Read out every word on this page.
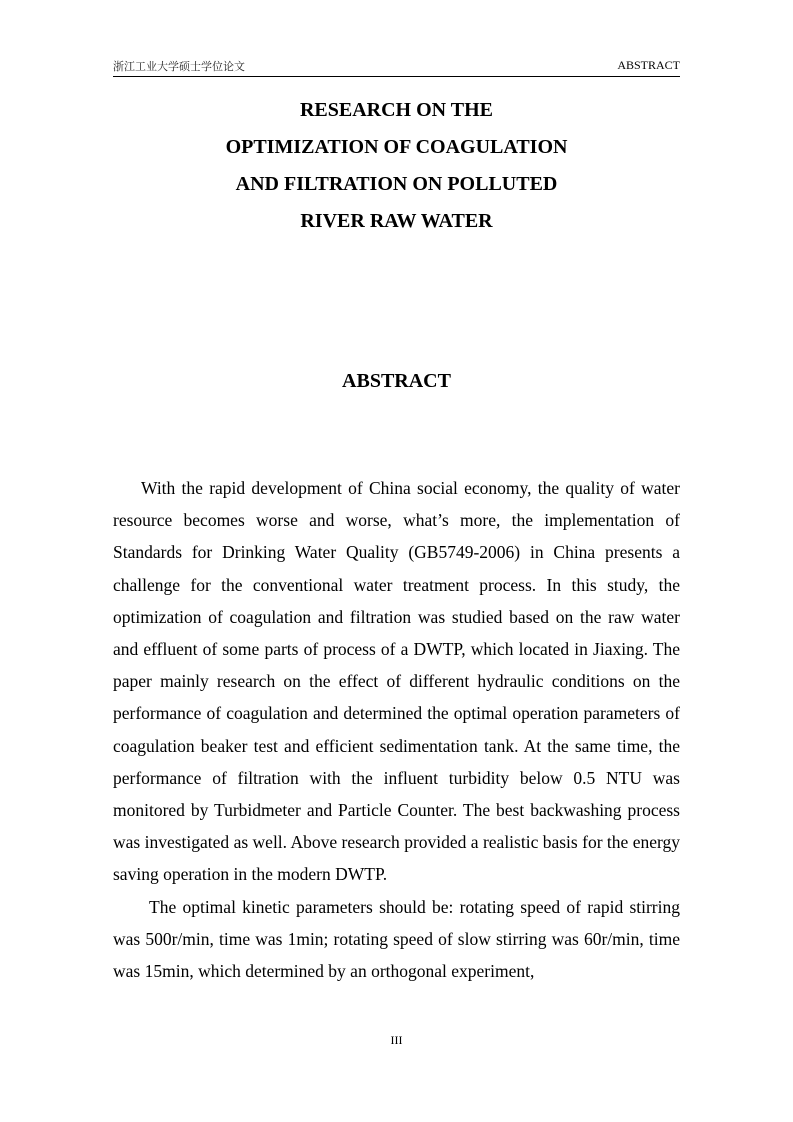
浙江工业大学硕士学位论文	ABSTRACT
RESEARCH ON THE
OPTIMIZATION OF COAGULATION
AND FILTRATION ON POLLUTED
RIVER RAW WATER
ABSTRACT

With the rapid development of China social economy, the quality of water resource becomes worse and worse, what’s more, the implementation of Standards for Drinking Water Quality (GB5749-2006) in China presents a challenge for the conventional water treatment process. In this study, the optimization of coagulation and filtration was studied based on the raw water and effluent of some parts of process of a DWTP, which located in Jiaxing. The paper mainly research on the effect of different hydraulic conditions on the performance of coagulation and determined the optimal operation parameters of coagulation beaker test and efficient sedimentation tank. At the same time, the performance of filtration with the influent turbidity below 0.5 NTU was monitored by Turbidmeter and Particle Counter. The best backwashing process was investigated as well. Above research provided a realistic basis for the energy saving operation in the modern DWTP.

The optimal kinetic parameters should be: rotating speed of rapid stirring was 500r/min, time was 1min; rotating speed of slow stirring was 60r/min, time was 15min, which determined by an orthogonal experiment,

III
